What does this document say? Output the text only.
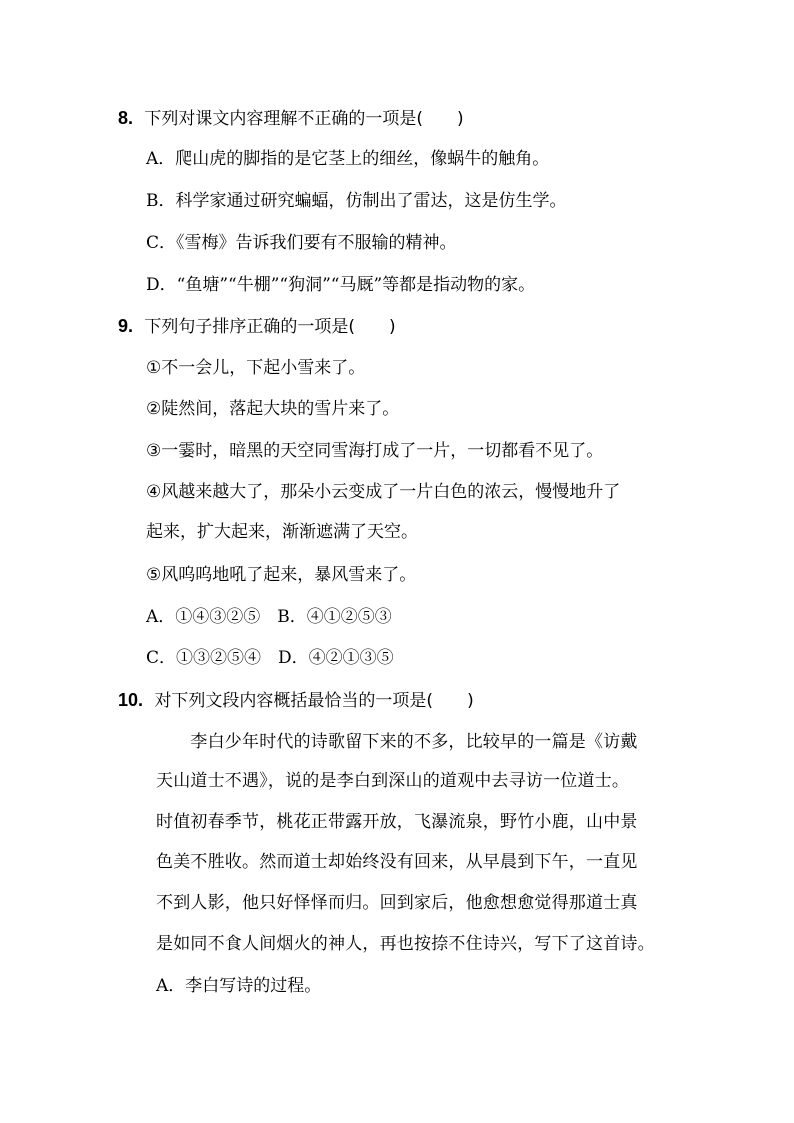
8. 下列对课文内容理解不正确的一项是(　　)
A．爬山虎的脚指的是它茎上的细丝，像蜗牛的触角。
B．科学家通过研究蝙蝠，仿制出了雷达，这是仿生学。
C．《雪梅》告诉我们要有不服输的精神。
D．“鱼塘”“牛棚”“狗洞”“马厩”等都是指动物的家。
9. 下列句子排序正确的一项是(　　)
①不一会儿，下起小雪来了。
②陡然间，落起大块的雪片来了。
③一霎时，暗黑的天空同雪海打成了一片，一切都看不见了。
④风越来越大了，那朵小云变成了一片白色的浓云，慢慢地升了
起来，扩大起来，渐渐遮满了天空。
⑤风呜呜地吼了起来，暴风雪来了。
A．①④③②⑤　B．④①②⑤③
C．①③②⑤④　D．④②①③⑤
10. 对下列文段内容概括最恰当的一项是(　　)
　　李白少年时代的诗歌留下来的不多，比较早的一篇是《访戴
天山道士不遇》，说的是李白到深山的道观中去寻访一位道士。
时值初春季节，桃花正带露开放，飞瀑流泉，野竹小鹿，山中景
色美不胜收。然而道士却始终没有回来，从早晨到下午，一直见
不到人影，他只好怿怿而归。回到家后，他愈想愈觉得那道士真
是如同不食人间烟火的神人，再也按捺不住诗兴，写下了这首诗。
A．李白写诗的过程。
